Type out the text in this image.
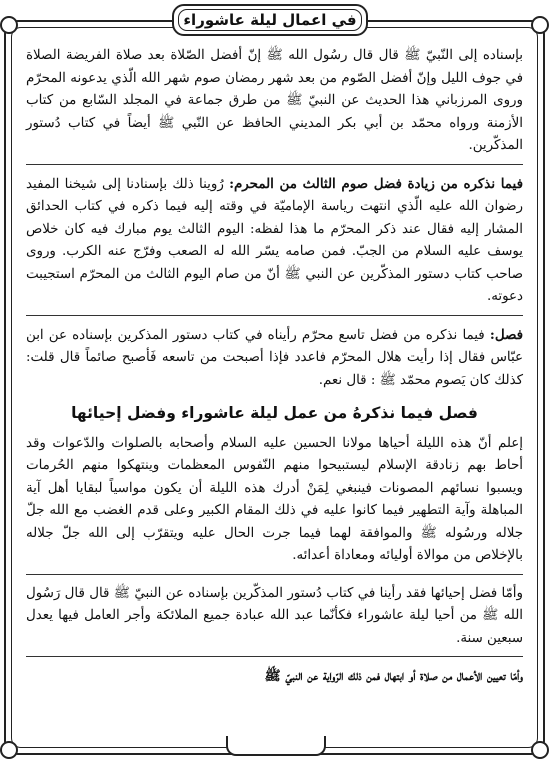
في اعمال ليلة عاشوراء

بإسناده إلى النّبيّ ﷺ قال قال رسُول الله ﷺ إنّ أفضل الصّلاة بعد صلاة الفريضة الصلاة في جوف الليل وإنّ أفضل الصّوم من بعد شهر رمضان صوم شهر الله الّذي يدعونه المحرّم وروى المرزباني هذا الحديث عن النبيّ ﷺ من طرق جماعة في المجلد السّابع من كتاب الأزمنة ورواه محمّد بن أبي بكر المديني الحافظ عن النّبي ﷺ أيضاً في كتاب دُستور المذكّرين.

فيما نذكره من زيادة فضل صوم الثالث من المحرم: رُوينا ذلك بإسنادنا إلى شيخنا المفيد رضوان الله عليه الّذي انتهت رياسة الإماميّة في وقته إليه فيما ذكره في كتاب الحدائق المشار إليه فقال عند ذكر المحرّم ما هذا لفظه: اليوم الثالث يوم مبارك فيه كان خلاص يوسف عليه السلام من الجبّ. فمن صامه يسّر الله له الصعب وفرّج عنه الكرب. وروى صاحب كتاب دستور المذكّرين عن النبي ﷺ أنّ من صام اليوم الثالث من المحرّم استجيبت دعوته.

فصل: فيما نذكره من فضل تاسع محرّم رأيناه في كتاب دستور المذكرين بإسناده عن ابن عبّاس فقال إذا رأيت هلال المحرّم فاعدد فإذا أصبحت من تاسعه فَأصبح صائماً قال قلت: كذلك كان يَصوم محمّد ﷺ : قال نعم.

فصل فيما نذكرهُ من عمل ليلة عاشوراء وفضل إحيائها

إعلم أنّ هذه الليلة أحياها مولانا الحسين عليه السلام وأصحابه بالصلوات والدّعوات وقد أحاط بهم زنادقة الإسلام ليستبيحوا منهم النّفوس المعظمات وينتهكوا منهم الحُرمات ويسبوا نسائهم المصونات فينبغي لِمَنْ أدرك هذه الليلة أن يكون مواسياً لبقايا أهل آية المباهلة وآية التطهير فيما كانوا عليه في ذلك المقام الكبير وعلى قدم الغضب مع الله جلّ جلاله ورسُوله ﷺ والموافقة لهما فيما جرت الحال عليه ويتقرّب إلى الله جلّ جلاله بالإخلاص من موالاة أوليائه ومعاداة أعدائه.

وأمّا فضل إحيائها فقد رأينا في كتاب دُستور المذكّرين بإسناده عن النبيّ ﷺ قال قال رَسُول الله ﷺ من أحيا ليلة عاشوراء فكأنّما عبد الله عبادة جميع الملائكة وأجر العامل فيها يعدل سبعين سنة.

وأمّا تعيين الأعمال من صلاة أو ابتهال فمن ذلك الرّواية عن النبيّ ﷺ
